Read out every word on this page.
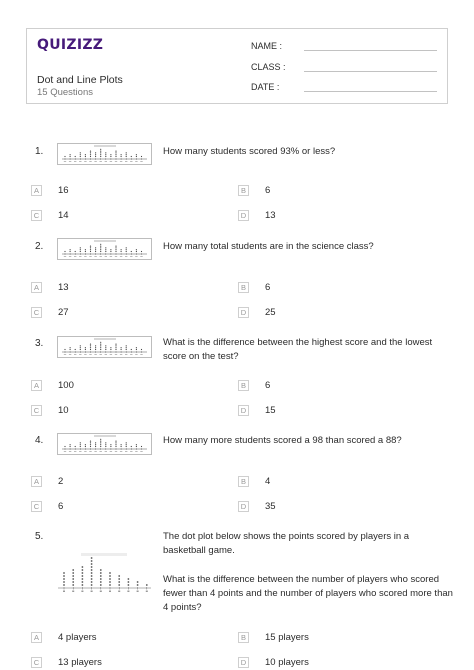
QUIZIZZ
Dot and Line Plots
15 Questions
NAME :
CLASS :
DATE :
1.	How many students scored 93% or less?
A	16	B	6
C 14	D 13
2.	How many total students are in the science class?
A	13	B	6
C 27	D 25
3.	What is the difference between the highest score and the lowest score on the test?
A	100	B	6
C 10	D 15
4.	How many more students scored a 98 than scored a 88?
A	2	B	4
C 6	D 35
5.	The dot plot below shows the points scored by players in a basketball game.
What is the difference between the number of players who scored fewer than 4 points and the number of players who scored more than 4 points?
A	4 players	B	15 players
C 13 players	D 10 players
